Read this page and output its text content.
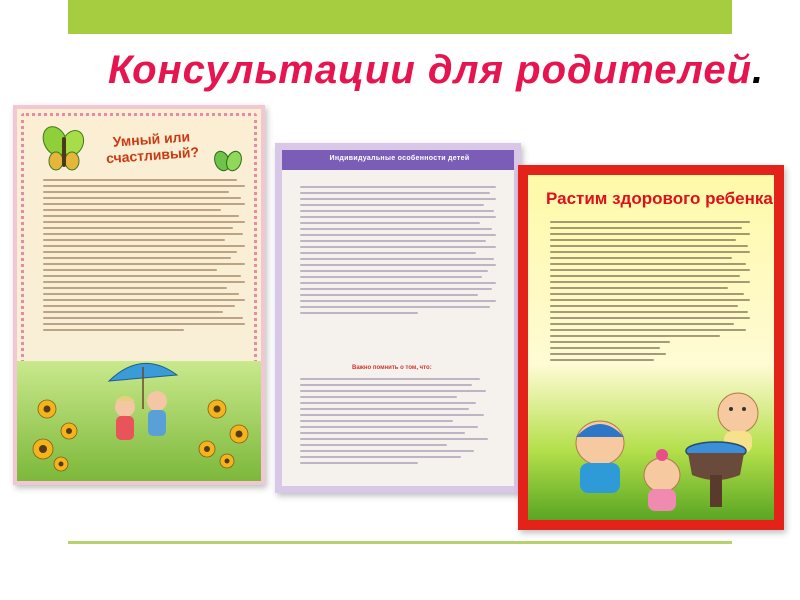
Консультации для родителей.
Умный или счастливый?	Индивидуальные особенности детей
Важно помнить о том, что:
Растим здорового ребенка
